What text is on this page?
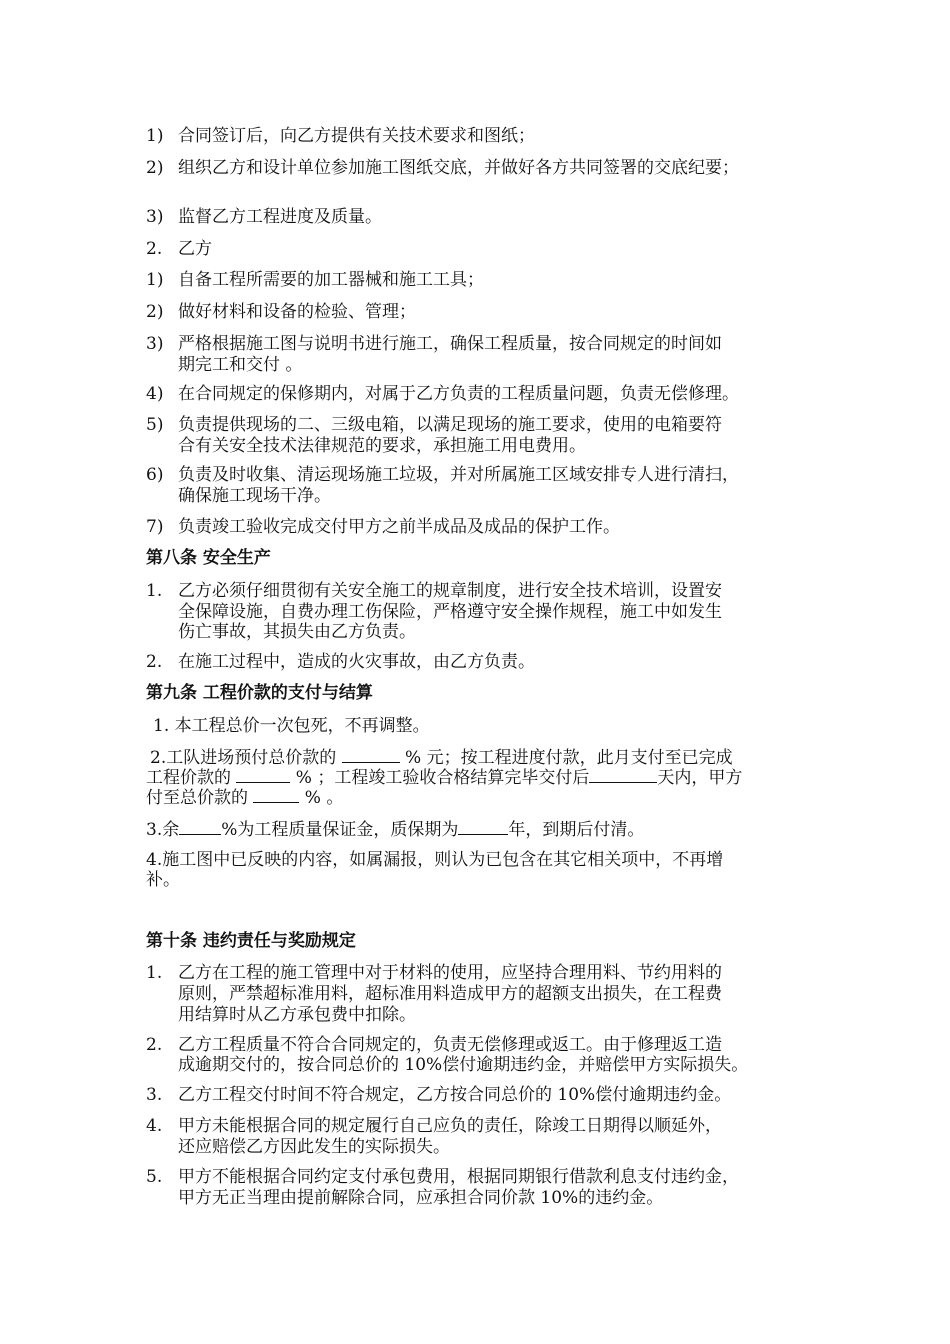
1) 合同签订后，向乙方提供有关技术要求和图纸；
2) 组织乙方和设计单位参加施工图纸交底，并做好各方共同签署的交底纪要；
3) 监督乙方工程进度及质量。
2. 乙方
1) 自备工程所需要的加工器械和施工工具；
2) 做好材料和设备的检验、管理；
3) 严格根据施工图与说明书进行施工，确保工程质量，按合同规定的时间如
期完工和交付 。
4) 在合同规定的保修期内，对属于乙方负责的工程质量问题，负责无偿修理。
5) 负责提供现场的二、三级电箱，以满足现场的施工要求，使用的电箱要符
合有关安全技术法律规范的要求，承担施工用电费用。
6) 负责及时收集、清运现场施工垃圾，并对所属施工区域安排专人进行清扫，
确保施工现场干净。
7) 负责竣工验收完成交付甲方之前半成品及成品的保护工作。
第八条 安全生产
1. 乙方必须仔细贯彻有关安全施工的规章制度，进行安全技术培训，设置安
全保障设施，自费办理工伤保险，严格遵守安全操作规程，施工中如发生
伤亡事故，其损失由乙方负责。
2. 在施工过程中，造成的火灾事故，由乙方负责。
第九条 工程价款的支付与结算
1. 本工程总价一次包死，不再调整。
2.工队进场预付总价款的	% 元；按工程进度付款，此月支付至已完成
工程价款的	% ；工程竣工验收合格结算完毕交付后	天内，甲方
付至总价款的	% 。
3.余 %为工程质量保证金，质保期为	年，到期后付清。
4.施工图中已反映的内容，如属漏报，则认为已包含在其它相关项中，不再增
补。
第十条 违约责任与奖励规定
1. 乙方在工程的施工管理中对于材料的使用，应坚持合理用料、节约用料的
原则，严禁超标准用料，超标准用料造成甲方的超额支出损失，在工程费
用结算时从乙方承包费中扣除。
2. 乙方工程质量不符合合同规定的，负责无偿修理或返工。由于修理返工造
成逾期交付的，按合同总价的 10%偿付逾期违约金，并赔偿甲方实际损失。
3. 乙方工程交付时间不符合规定，乙方按合同总价的 10%偿付逾期违约金。
4. 甲方未能根据合同的规定履行自己应负的责任，除竣工日期得以顺延外，
还应赔偿乙方因此发生的实际损失。
5. 甲方不能根据合同约定支付承包费用，根据同期银行借款利息支付违约金，
甲方无正当理由提前解除合同，应承担合同价款 10%的违约金。
